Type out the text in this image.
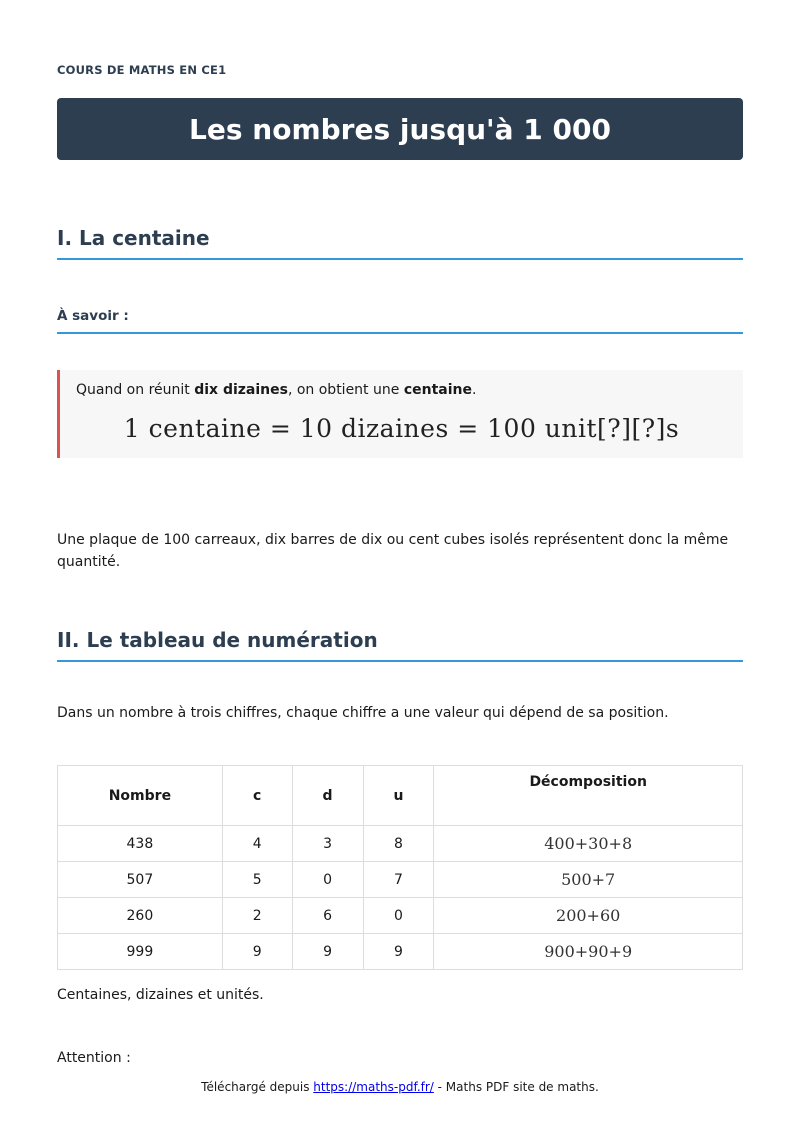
COURS DE MATHS EN CE1
Les nombres jusqu'à 1 000
I. La centaine
À savoir :
Quand on réunit dix dizaines, on obtient une centaine.
1 centaine = 10 dizaines = 100 unit[?][?]s
Une plaque de 100 carreaux, dix barres de dix ou cent cubes isolés représentent donc la même quantité.
II. Le tableau de numération
Dans un nombre à trois chiffres, chaque chiffre a une valeur qui dépend de sa position.
Nombre	c	d	u	Décomposition
438	4	3	8	400+30+8
507	5	0	7	500+7
260	2	6	0	200+60
999	9	9	9	900+90+9
Centaines, dizaines et unités.
Attention :
Téléchargé depuis https://maths-pdf.fr/ - Maths PDF site de maths.
